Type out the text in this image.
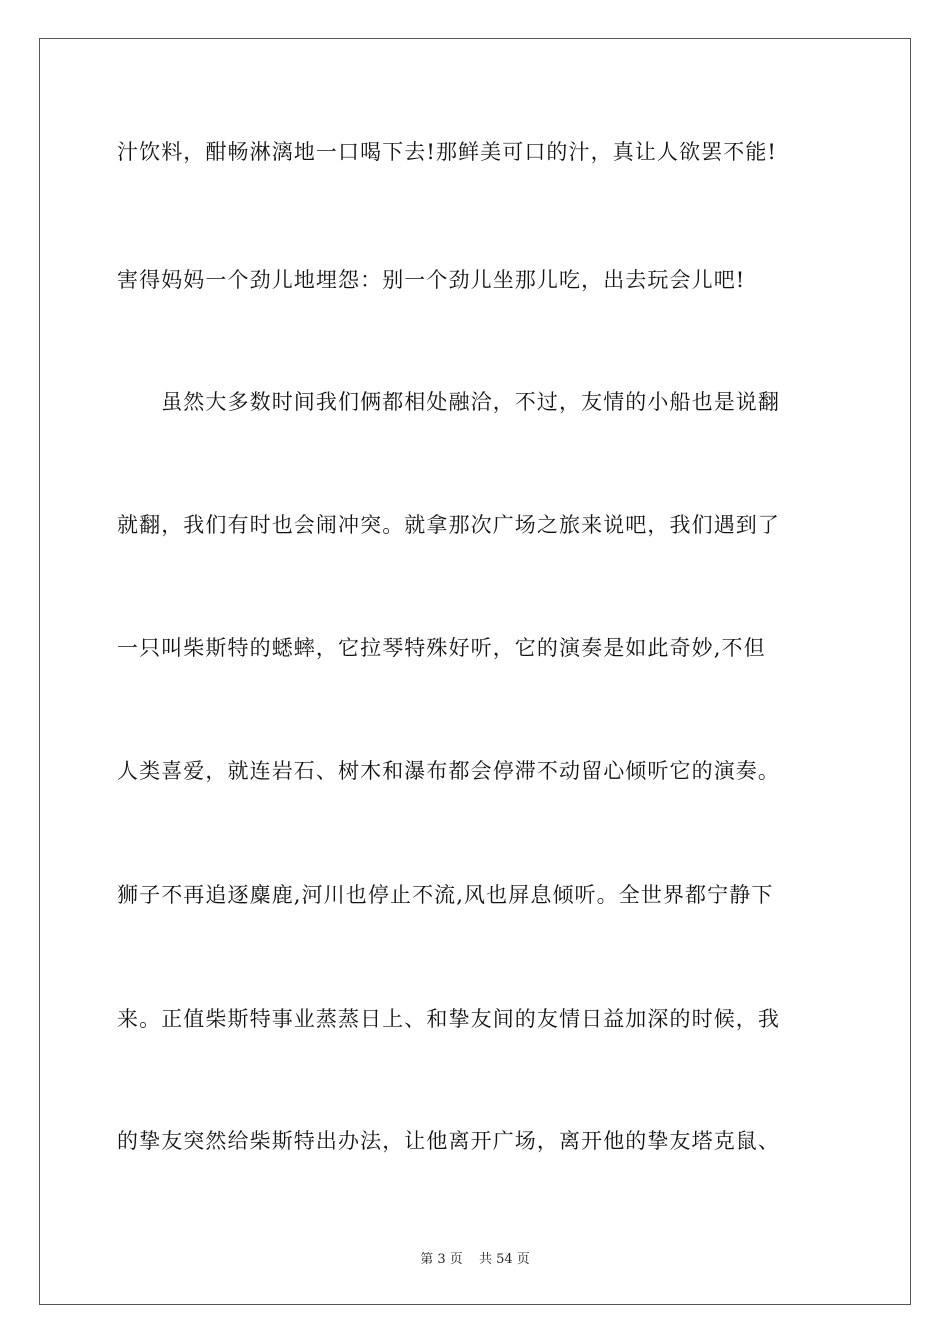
汁饮料，酣畅淋漓地一口喝下去!那鲜美可口的汁，真让人欲罢不能!
害得妈妈一个劲儿地埋怨：别一个劲儿坐那儿吃，出去玩会儿吧!
　　虽然大多数时间我们俩都相处融洽，不过，友情的小船也是说翻
就翻，我们有时也会闹冲突。就拿那次广场之旅来说吧，我们遇到了
一只叫柴斯特的蟋蟀，它拉琴特殊好听，它的演奏是如此奇妙,不但
人类喜爱，就连岩石、树木和瀑布都会停滞不动留心倾听它的演奏。
狮子不再追逐麋鹿,河川也停止不流,风也屏息倾听。全世界都宁静下
来。正值柴斯特事业蒸蒸日上、和挚友间的友情日益加深的时候，我
的挚友突然给柴斯特出办法，让他离开广场，离开他的挚友塔克鼠、
第 3 页 共 54 页
